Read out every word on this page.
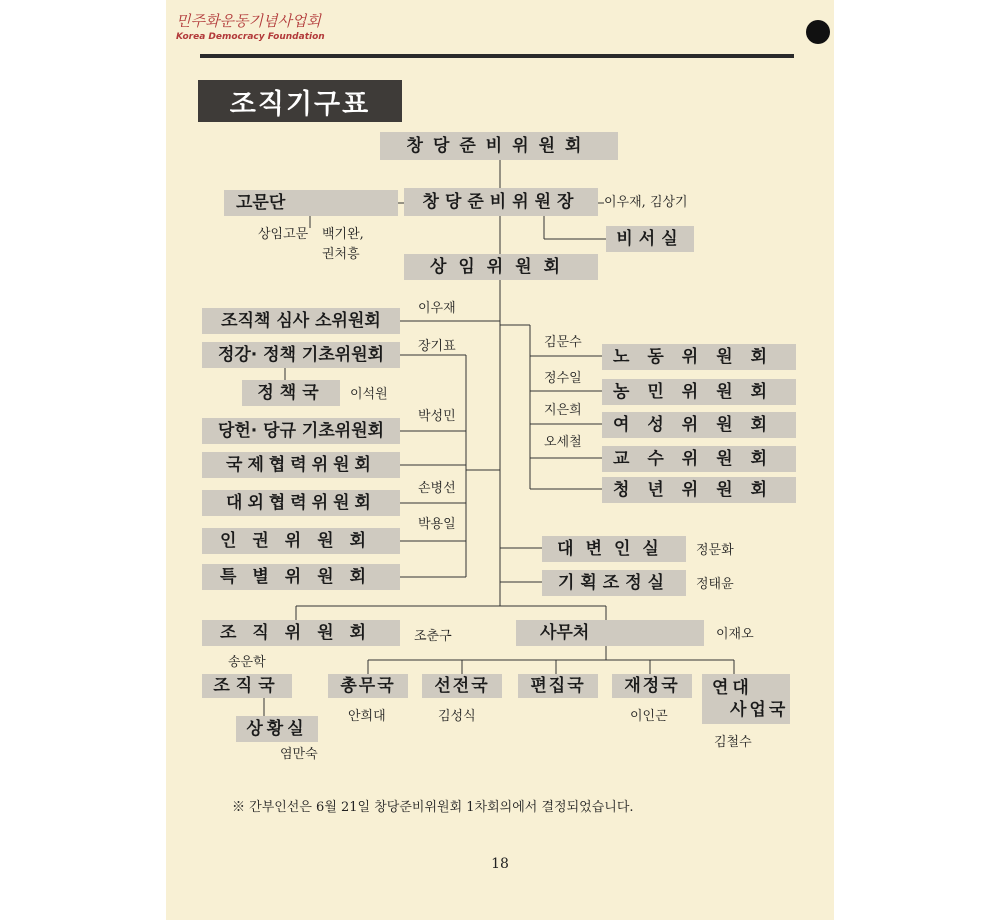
민주화운동기념사업회
Korea Democracy Foundation
조직기구표
창당준비위원회
고문단
상임고문 백기완,
권처흥
창당준비위원장	이우재, 김상기
비서실
상임위원회
조직책 심사 소위원회
이우재
정강· 정책 기초위원회	장기표
정책국	이석원
당헌· 당규 기초위원회
박성민
국제협력위원회
대외협력위원회
손병선
인권위원회
박용일
특별위원회
김문수
노동위원회
정수일
농민위원회
지은희
여성위원회
오세철
교수위원회
청년위원회
대변인실	정문화
기획조정실	정태윤
조직위원회	조춘구
송운학
조직국
상황실
염만숙
사무처	이재오
총무국
안희대
선전국
김성식
편집국	재정국
이인곤
연대
사업국
김철수
※ 간부인선은 6월 21일 창당준비위원회 1차회의에서 결정되었습니다.
18
